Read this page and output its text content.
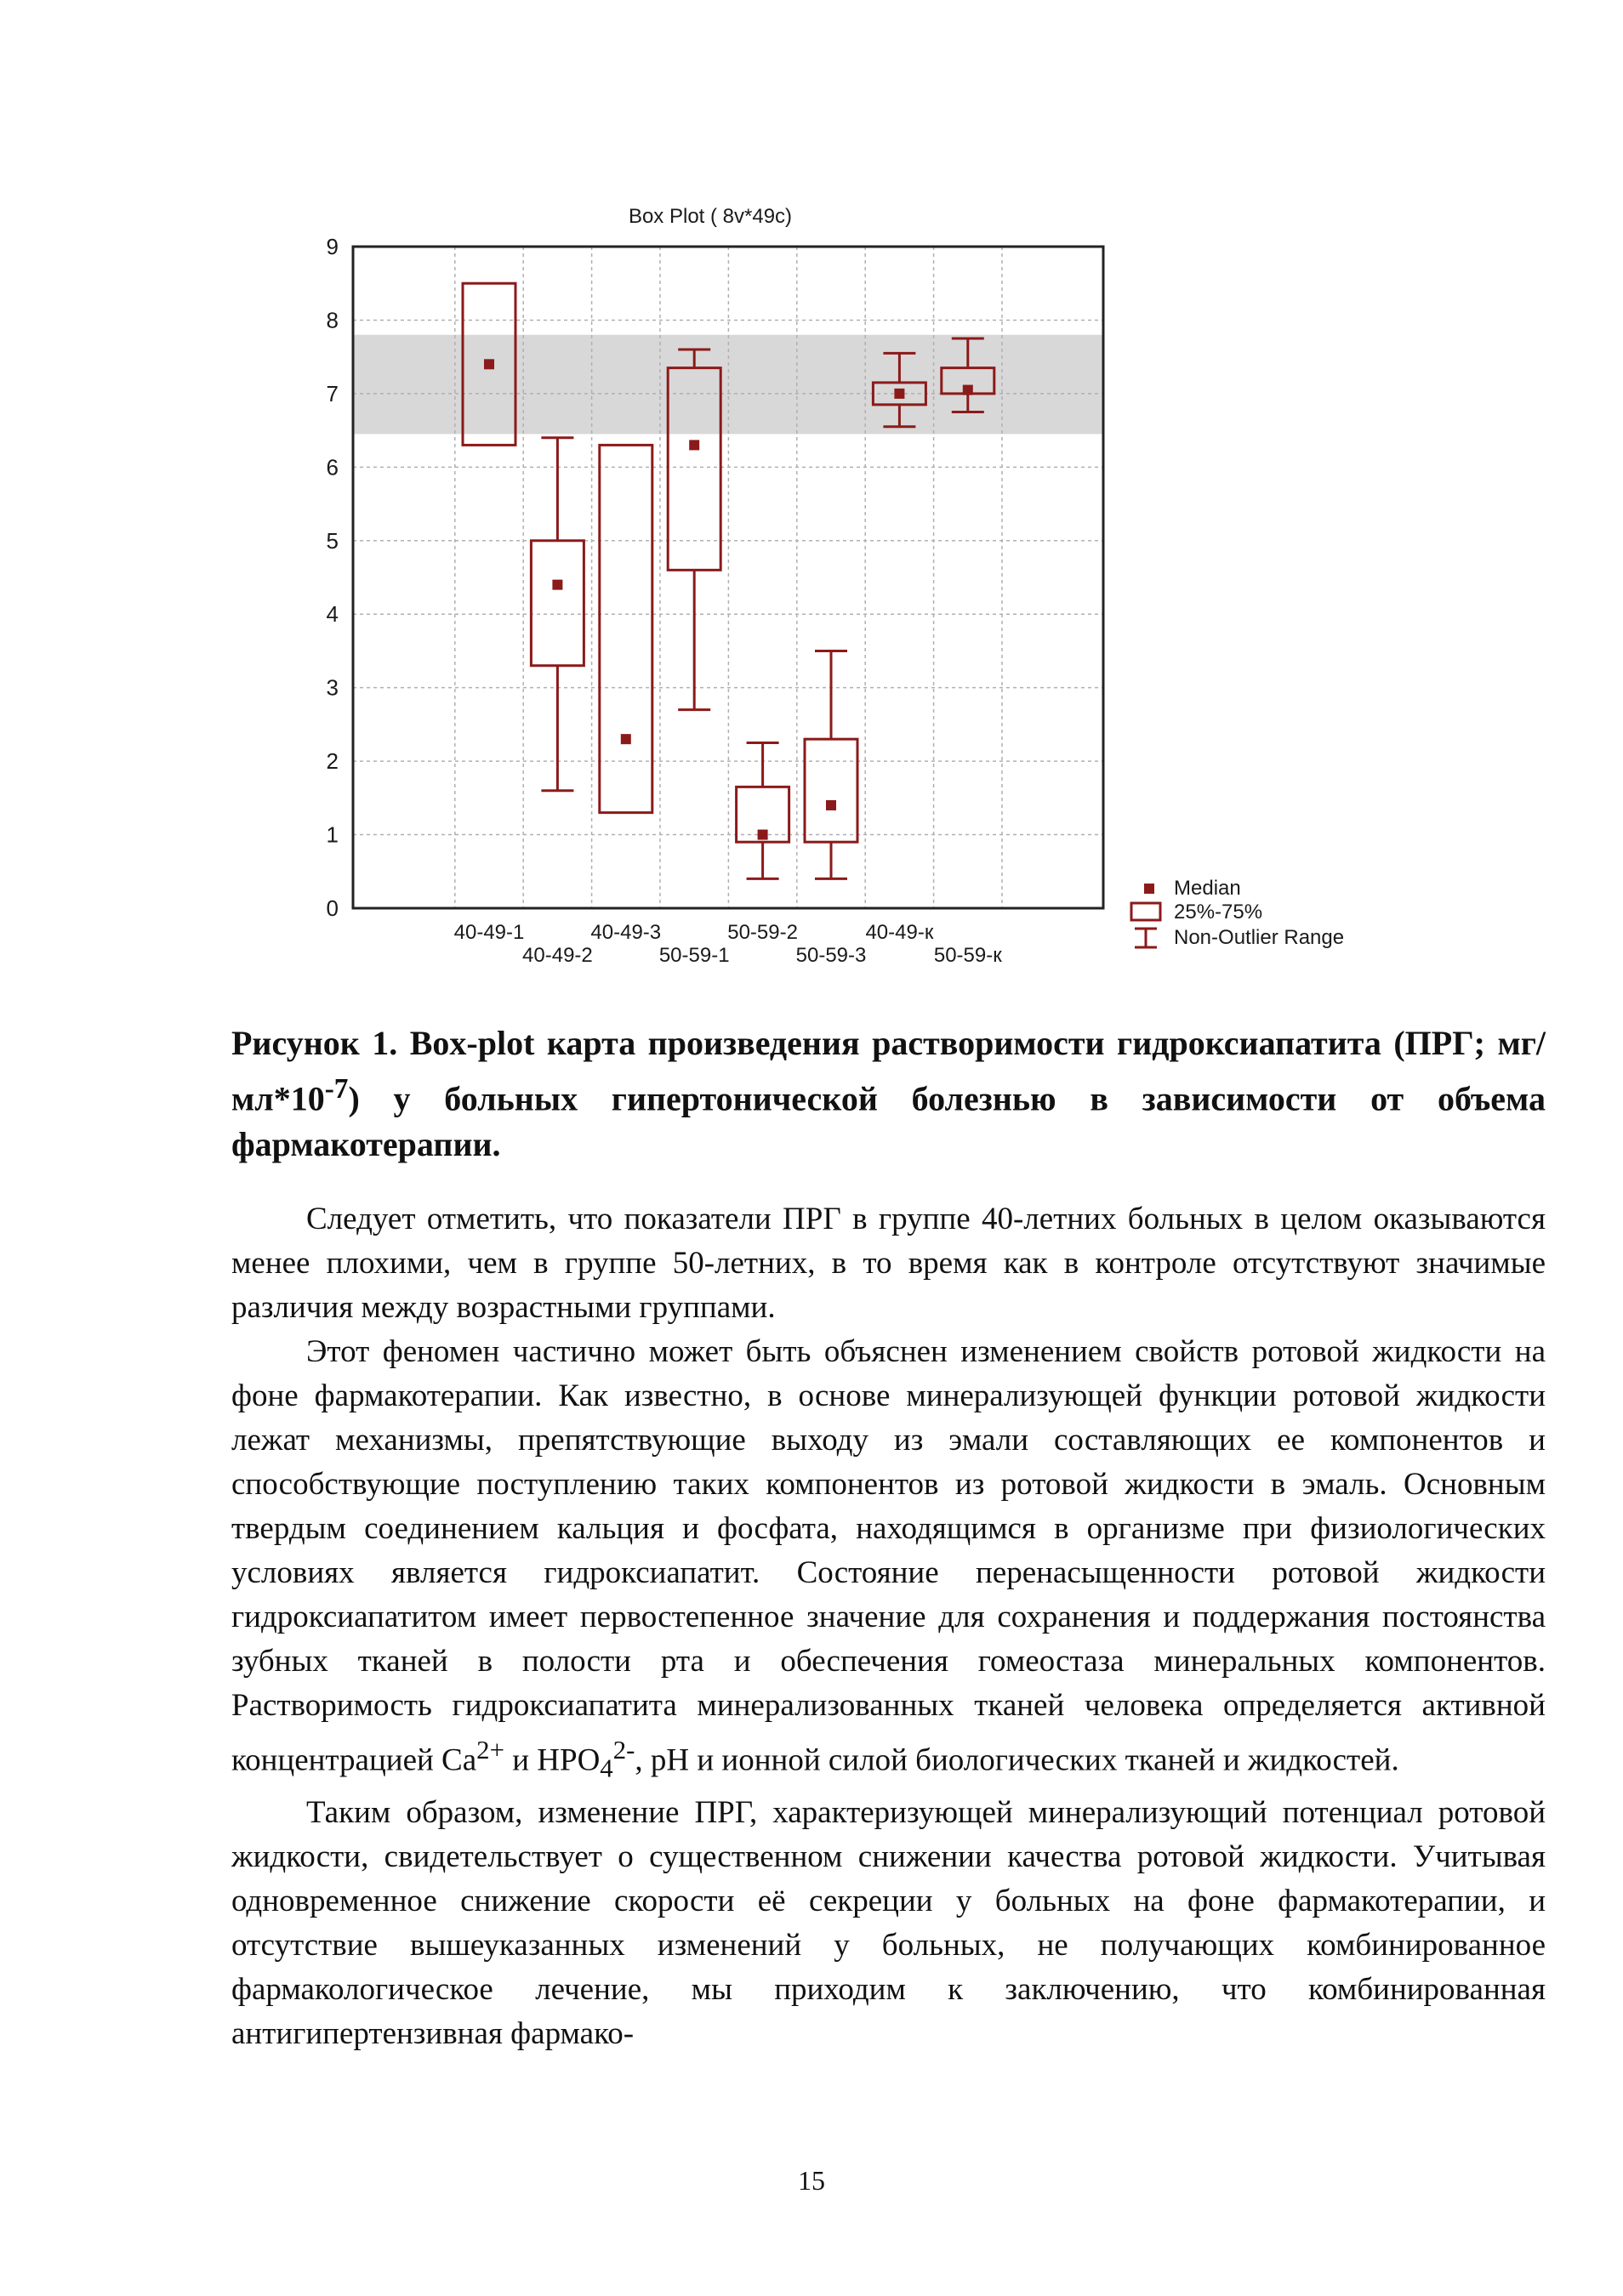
Box Plot ( 8v*49c)
0
1
2
3
4
5
6
7
8
9
40-49-1
40-49-2
40-49-3
50-59-1
50-59-2
50-59-3
40-49-к
50-59-к
Median
25%-75%
Non-Outlier Range
Рисунок 1. Box-plot карта произведения растворимости гидроксиапатита (ПРГ; $мг/мл*10^{-7}$) у больных гипертонической болезнью в зависимости от объема фармакотерапии.

Следует отметить, что показатели ПРГ в группе 40-летних больных в целом оказываются менее плохими, чем в группе 50-летних, в то время как в контроле отсутствуют значимые различия между возрастными группами.

Этот феномен частично может быть объяснен изменением свойств ротовой жидкости на фоне фармакотерапии. Как известно, в основе минерализующей функции ротовой жидкости лежат механизмы, препятствующие выходу из эмали составляющих ее компонентов и способствующие поступлению таких компонентов из ротовой жидкости в эмаль. Основным твердым соединением кальция и фосфата, находящимся в организме при физиологических условиях является гидроксиапатит. Состояние перенасыщенности ротовой жидкости гидроксиапатитом имеет первостепенное значение для сохранения и поддержания постоянства зубных тканей в полости рта и обеспечения гомеостаза минеральных компонентов. Растворимость гидроксиапатита минерализованных тканей человека определяется активной концентрацией $Ca^{2+}$ и $HPO_4^{2-}$, pH и ионной силой биологических тканей и жидкостей.

Таким образом, изменение ПРГ, характеризующей минерализующий потенциал ротовой жидкости, свидетельствует о существенном снижении качества ротовой жидкости. Учитывая одновременное снижение скорости её секреции у больных на фоне фармакотерапии, и отсутствие вышеуказанных изменений у больных, не получающих комбинированное фармакологическое лечение, мы приходим к заключению, что комбинированная антигипертензивная фармако-

15
